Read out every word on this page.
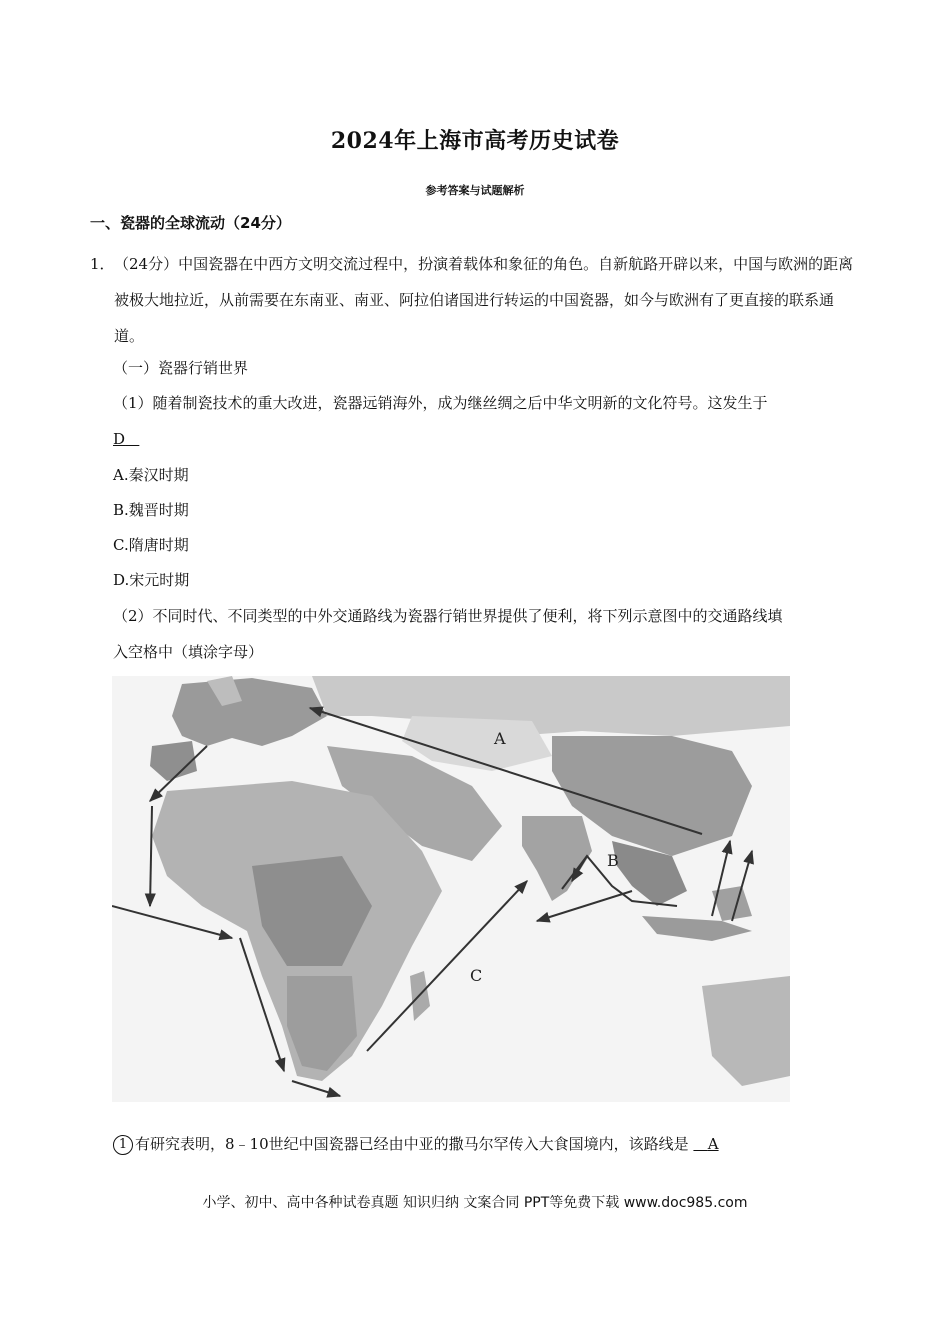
2024年上海市高考历史试卷
参考答案与试题解析
一、瓷器的全球流动（24分）
1． （24分）中国瓷器在中西方文明交流过程中，扮演着载体和象征的角色。自新航路开辟以来，中国与欧洲的距离被极大地拉近，从前需要在东南亚、南亚、阿拉伯诸国进行转运的中国瓷器，如今与欧洲有了更直接的联系通道。
（一）瓷器行销世界
（1）随着制瓷技术的重大改进，瓷器远销海外，成为继丝绸之后中华文明新的文化符号。这发生于
D
A.秦汉时期
B.魏晋时期
C.隋唐时期
D.宋元时期
（2）不同时代、不同类型的中外交通路线为瓷器行销世界提供了便利，将下列示意图中的交通路线填
入空格中（填涂字母）
A
B
C
1 有研究表明，8﹣10世纪中国瓷器已经由中亚的撒马尔罕传入大食国境内，该路线是 A
小学、初中、高中各种试卷真题 知识归纳 文案合同 PPT等免费下载 www.doc985.com
